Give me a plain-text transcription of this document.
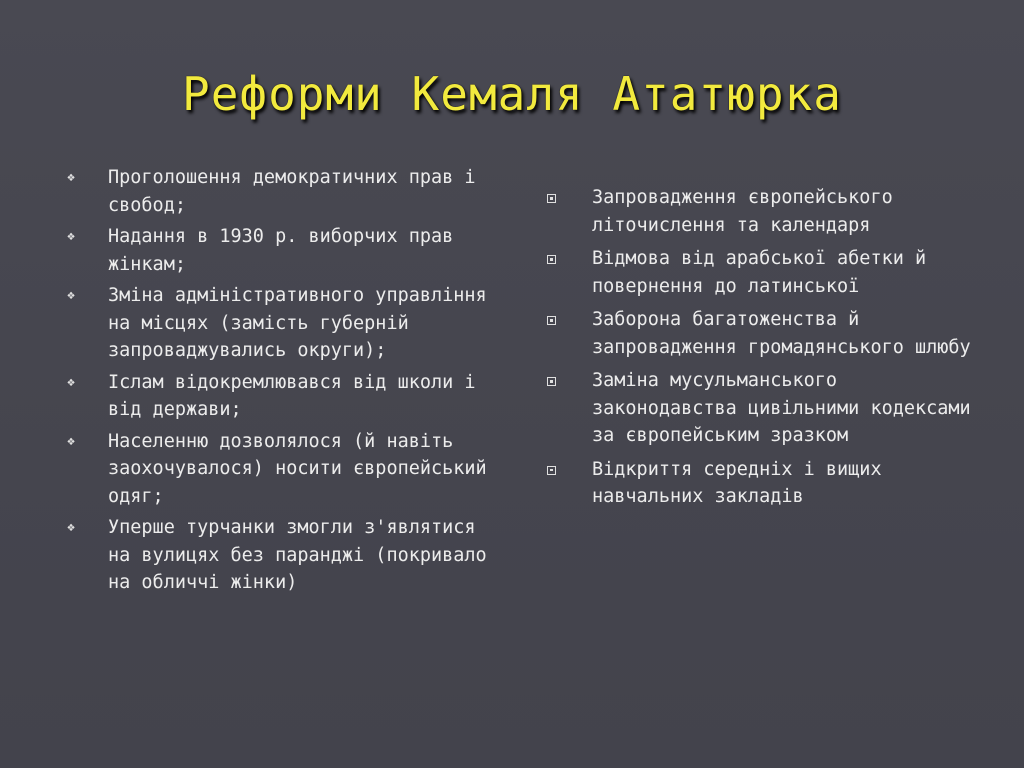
Реформи Кемаля Ататюрка
❖ Проголошення демократичних прав і свобод;
❖ Надання в 1930 р. виборчих прав жінкам;
❖ Зміна адміністративного управління на місцях (замість губерній запроваджувались округи);
❖ Іслам відокремлювався від школи і від держави;
❖ Населенню дозволялося (й навіть заохочувалося) носити європейський одяг;
❖ Уперше турчанки змогли з'являтися на вулицях без паранджі (покривало на обличчі жінки)
Запровадження європейського літочислення та календаря
Відмова від арабської абетки й повернення до латинської
Заборона багатоженства й запровадження громадянського шлюбу
Заміна мусульманського законодавства цивільними кодексами за європейським зразком
Відкриття середніх і вищих навчальних закладів
